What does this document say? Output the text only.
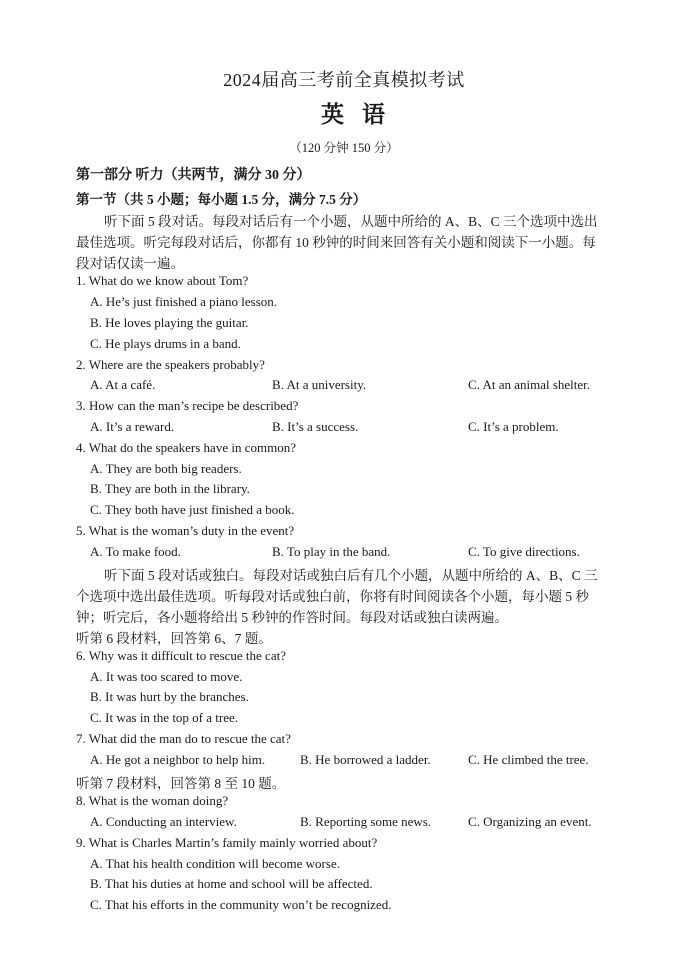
2024届高三考前全真模拟考试
英语
（120 分钟 150 分）
第一部分 听力（共两节，满分 30 分）
第一节（共 5 小题；每小题 1.5 分，满分 7.5 分）
听下面 5 段对话。每段对话后有一个小题，从题中所给的 A、B、C 三个选项中选出
最佳选项。听完每段对话后，你都有 10 秒钟的时间来回答有关小题和阅读下一小题。每
段对话仅读一遍。
1. What do we know about Tom?
A. He’s just finished a piano lesson.
B. He loves playing the guitar.
C. He plays drums in a band.
2. Where are the speakers probably?
A. At a café.	B. At a university.	C. At an animal shelter.
3. How can the man’s recipe be described?
A. It’s a reward.	B. It’s a success.	C. It’s a problem.
4. What do the speakers have in common?
A. They are both big readers.
B. They are both in the library.
C. They both have just finished a book.
5. What is the woman’s duty in the event?
A. To make food.	B. To play in the band.	C. To give directions.
听下面 5 段对话或独白。每段对话或独白后有几个小题，从题中所给的 A、B、C 三
个选项中选出最佳选项。听每段对话或独白前，你将有时间阅读各个小题，每小题 5 秒
钟；听完后，各小题将给出 5 秒钟的作答时间。每段对话或独白读两遍。
听第 6 段材料，回答第 6、7 题。
6. Why was it difficult to rescue the cat?
A. It was too scared to move.
B. It was hurt by the branches.
C. It was in the top of a tree.
7. What did the man do to rescue the cat?
A. He got a neighbor to help him.	B. He borrowed a ladder.	C. He climbed the tree.
听第 7 段材料，回答第 8 至 10 题。
8. What is the woman doing?
A. Conducting an interview.	B. Reporting some news.	C. Organizing an event.
9. What is Charles Martin’s family mainly worried about?
A. That his health condition will become worse.
B. That his duties at home and school will be affected.
C. That his efforts in the community won’t be recognized.
